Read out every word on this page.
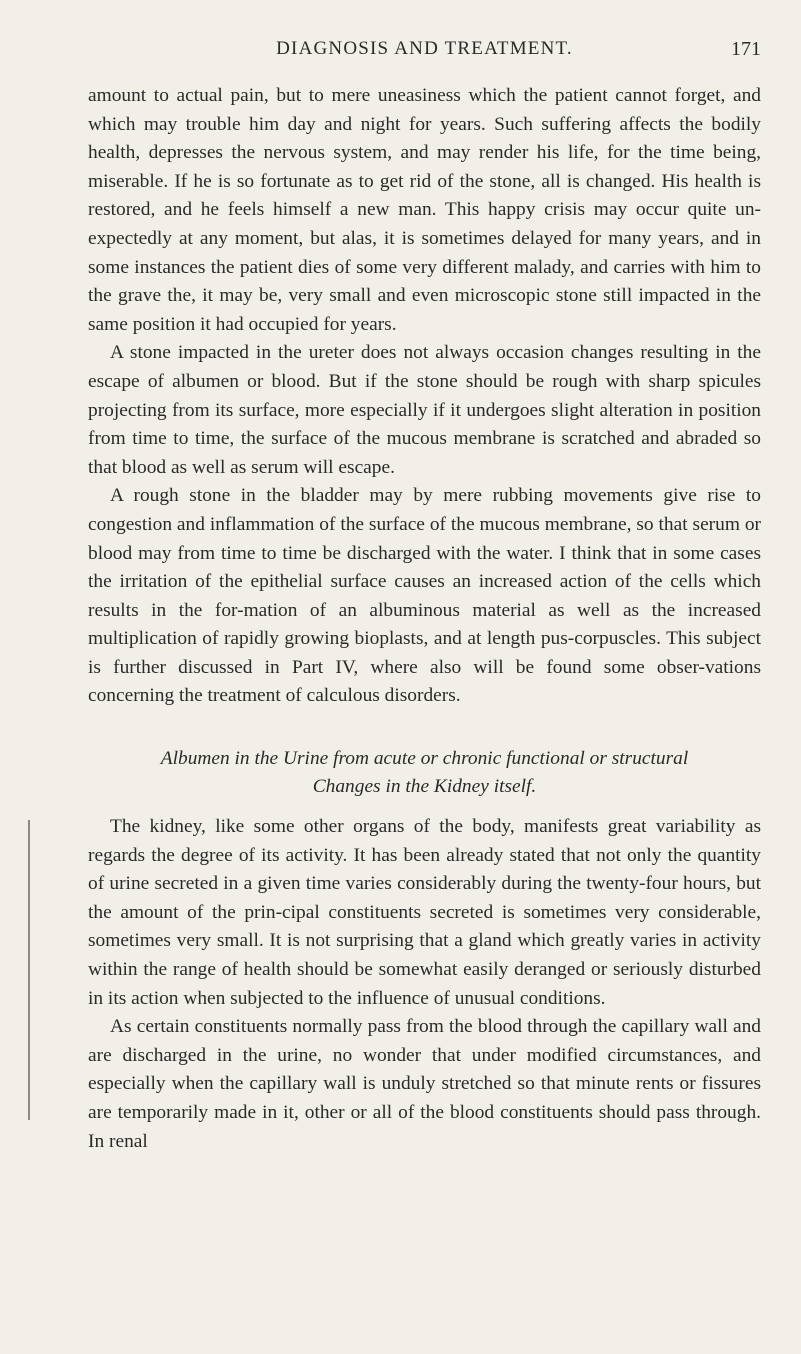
DIAGNOSIS AND TREATMENT.	171

amount to actual pain, but to mere uneasiness which the patient cannot forget, and which may trouble him day and night for years. Such suffering affects the bodily health, depresses the nervous system, and may render his life, for the time being, miserable. If he is so fortunate as to get rid of the stone, all is changed. His health is restored, and he feels himself a new man. This happy crisis may occur quite un-expectedly at any moment, but alas, it is sometimes delayed for many years, and in some instances the patient dies of some very different malady, and carries with him to the grave the, it may be, very small and even microscopic stone still impacted in the same position it had occupied for years.

A stone impacted in the ureter does not always occasion changes resulting in the escape of albumen or blood. But if the stone should be rough with sharp spicules projecting from its surface, more especially if it undergoes slight alteration in position from time to time, the surface of the mucous membrane is scratched and abraded so that blood as well as serum will escape.

A rough stone in the bladder may by mere rubbing movements give rise to congestion and inflammation of the surface of the mucous membrane, so that serum or blood may from time to time be discharged with the water. I think that in some cases the irritation of the epithelial surface causes an increased action of the cells which results in the for-mation of an albuminous material as well as the increased multiplication of rapidly growing bioplasts, and at length pus-corpuscles. This subject is further discussed in Part IV, where also will be found some obser-vations concerning the treatment of calculous disorders.

Albumen in the Urine from acute or chronic functional or structural
Changes in the Kidney itself.

The kidney, like some other organs of the body, manifests great variability as regards the degree of its activity. It has been already stated that not only the quantity of urine secreted in a given time varies considerably during the twenty-four hours, but the amount of the prin-cipal constituents secreted is sometimes very considerable, sometimes very small. It is not surprising that a gland which greatly varies in activity within the range of health should be somewhat easily deranged or seriously disturbed in its action when subjected to the influence of unusual conditions.

As certain constituents normally pass from the blood through the capillary wall and are discharged in the urine, no wonder that under modified circumstances, and especially when the capillary wall is unduly stretched so that minute rents or fissures are temporarily made in it, other or all of the blood constituents should pass through. In renal
